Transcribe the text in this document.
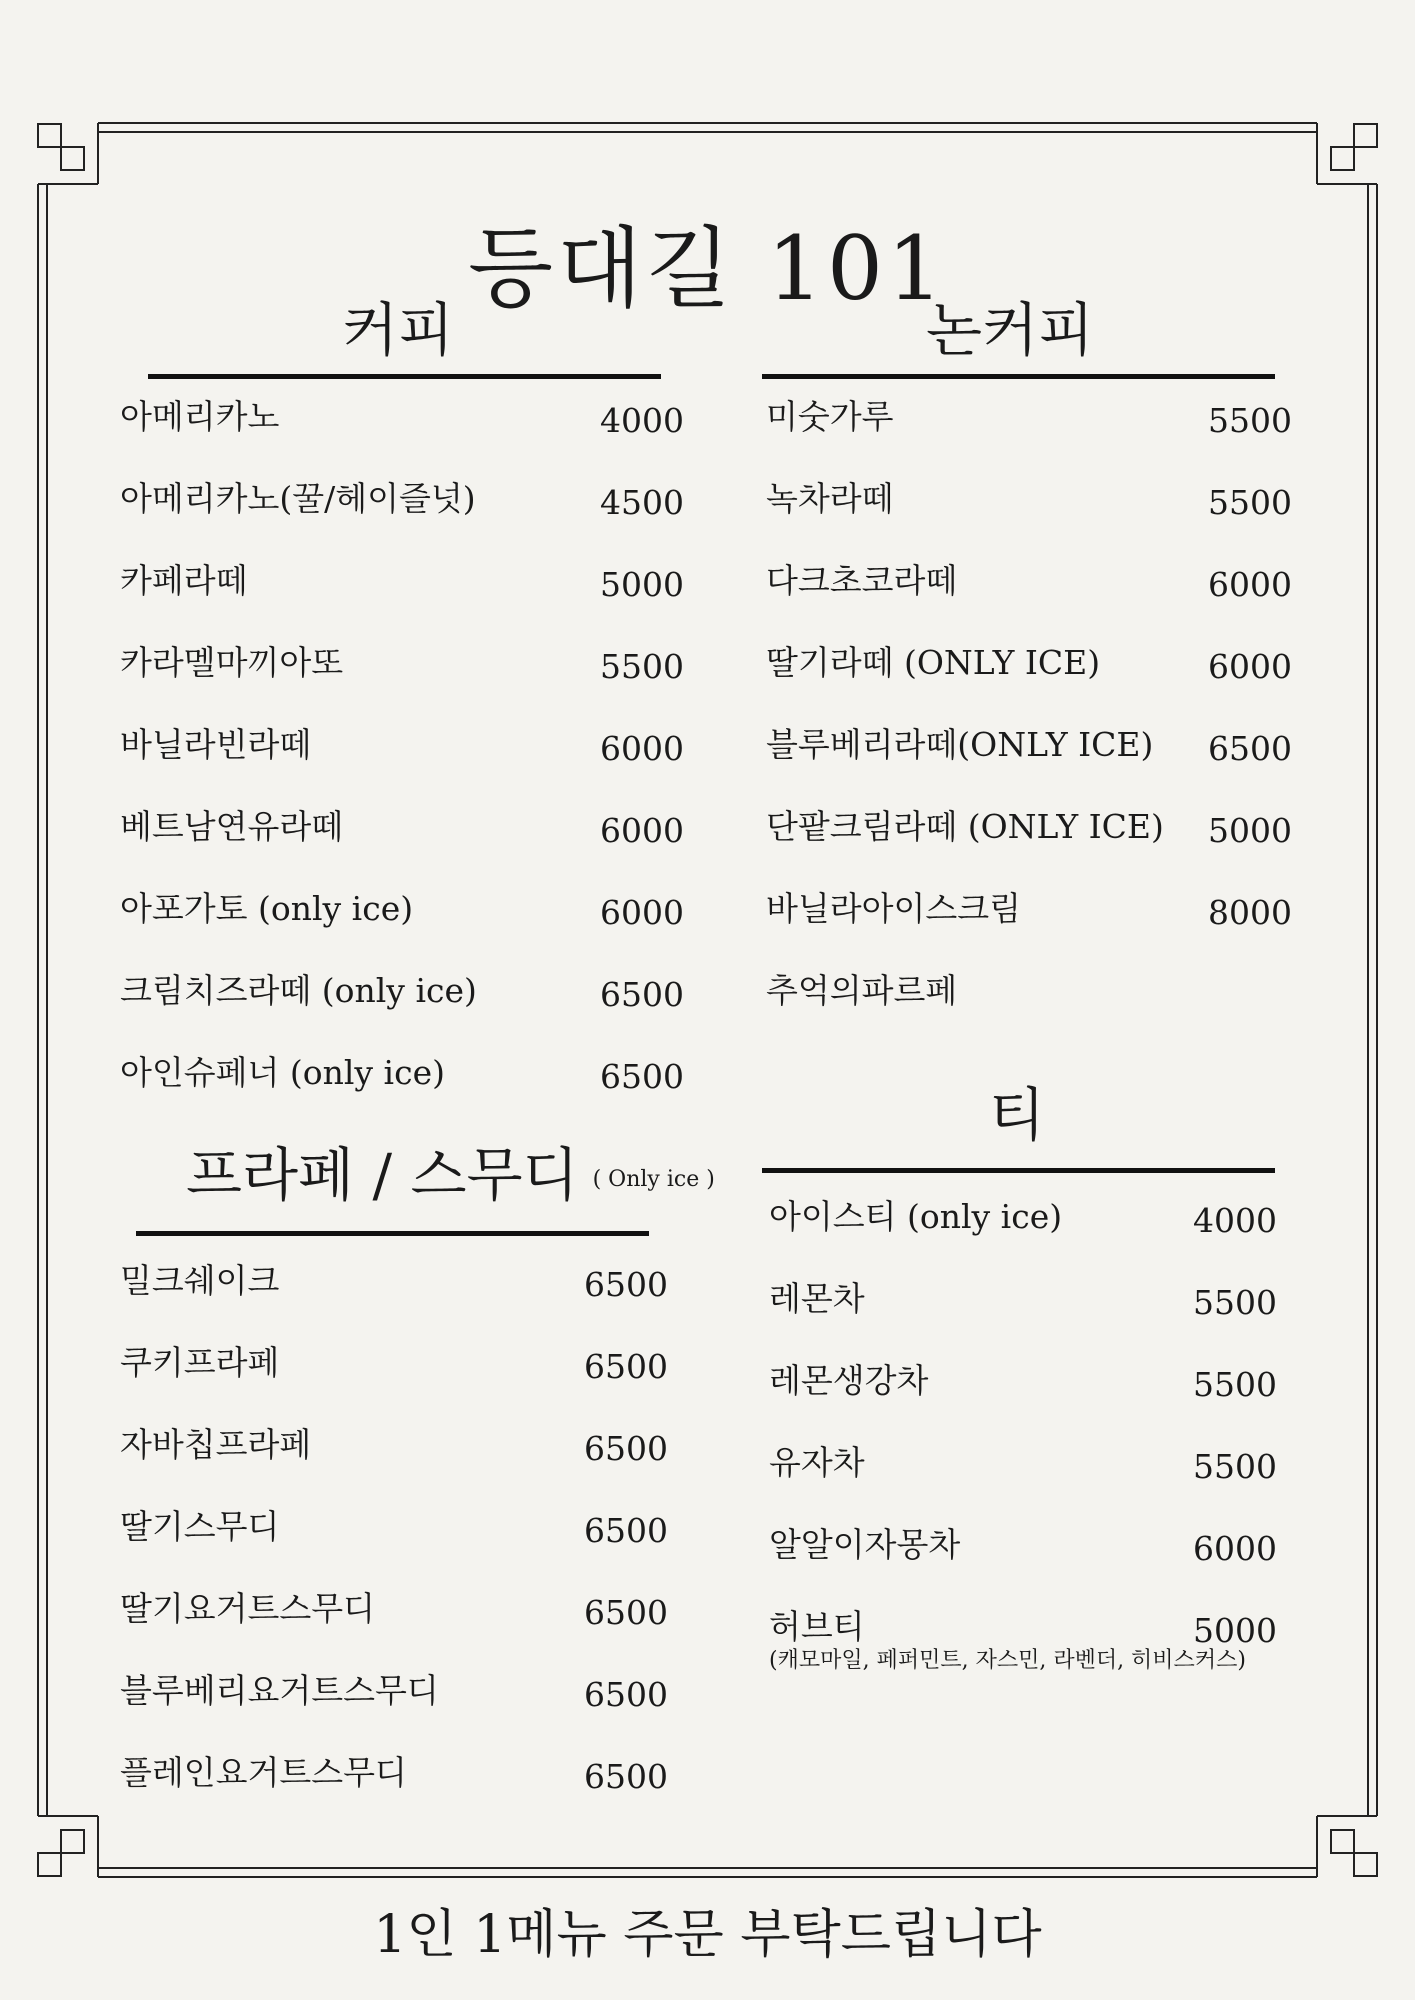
등대길 101
커피
아메리카노	4000
아메리카노(꿀/헤이즐넛)	4500
카페라떼	5000
카라멜마끼아또	5500
바닐라빈라떼	6000
베트남연유라떼	6000
아포가토 (only ice)	6000
크림치즈라떼 (only ice)	6500
아인슈페너 (only ice)	6500
논커피
미숫가루	5500
녹차라떼	5500
다크초코라떼	6000
딸기라떼 (ONLY ICE)	6000
블루베리라떼(ONLY ICE) 6500
단팥크림라떼 (ONLY ICE) 5000
바닐라아이스크림	8000
추억의파르페
프라페 / 스무디 ( Only ice )
밀크쉐이크	6500
쿠키프라페	6500
자바칩프라페	6500
딸기스무디	6500
딸기요거트스무디	6500
블루베리요거트스무디	6500
플레인요거트스무디	6500
티
아이스티 (only ice)	4000
레몬차	5500
레몬생강차	5500
유자차	5500
알알이자몽차	6000
허브티	5000
(캐모마일, 페퍼민트, 자스민, 라벤더, 히비스커스)
1인 1메뉴 주문 부탁드립니다
